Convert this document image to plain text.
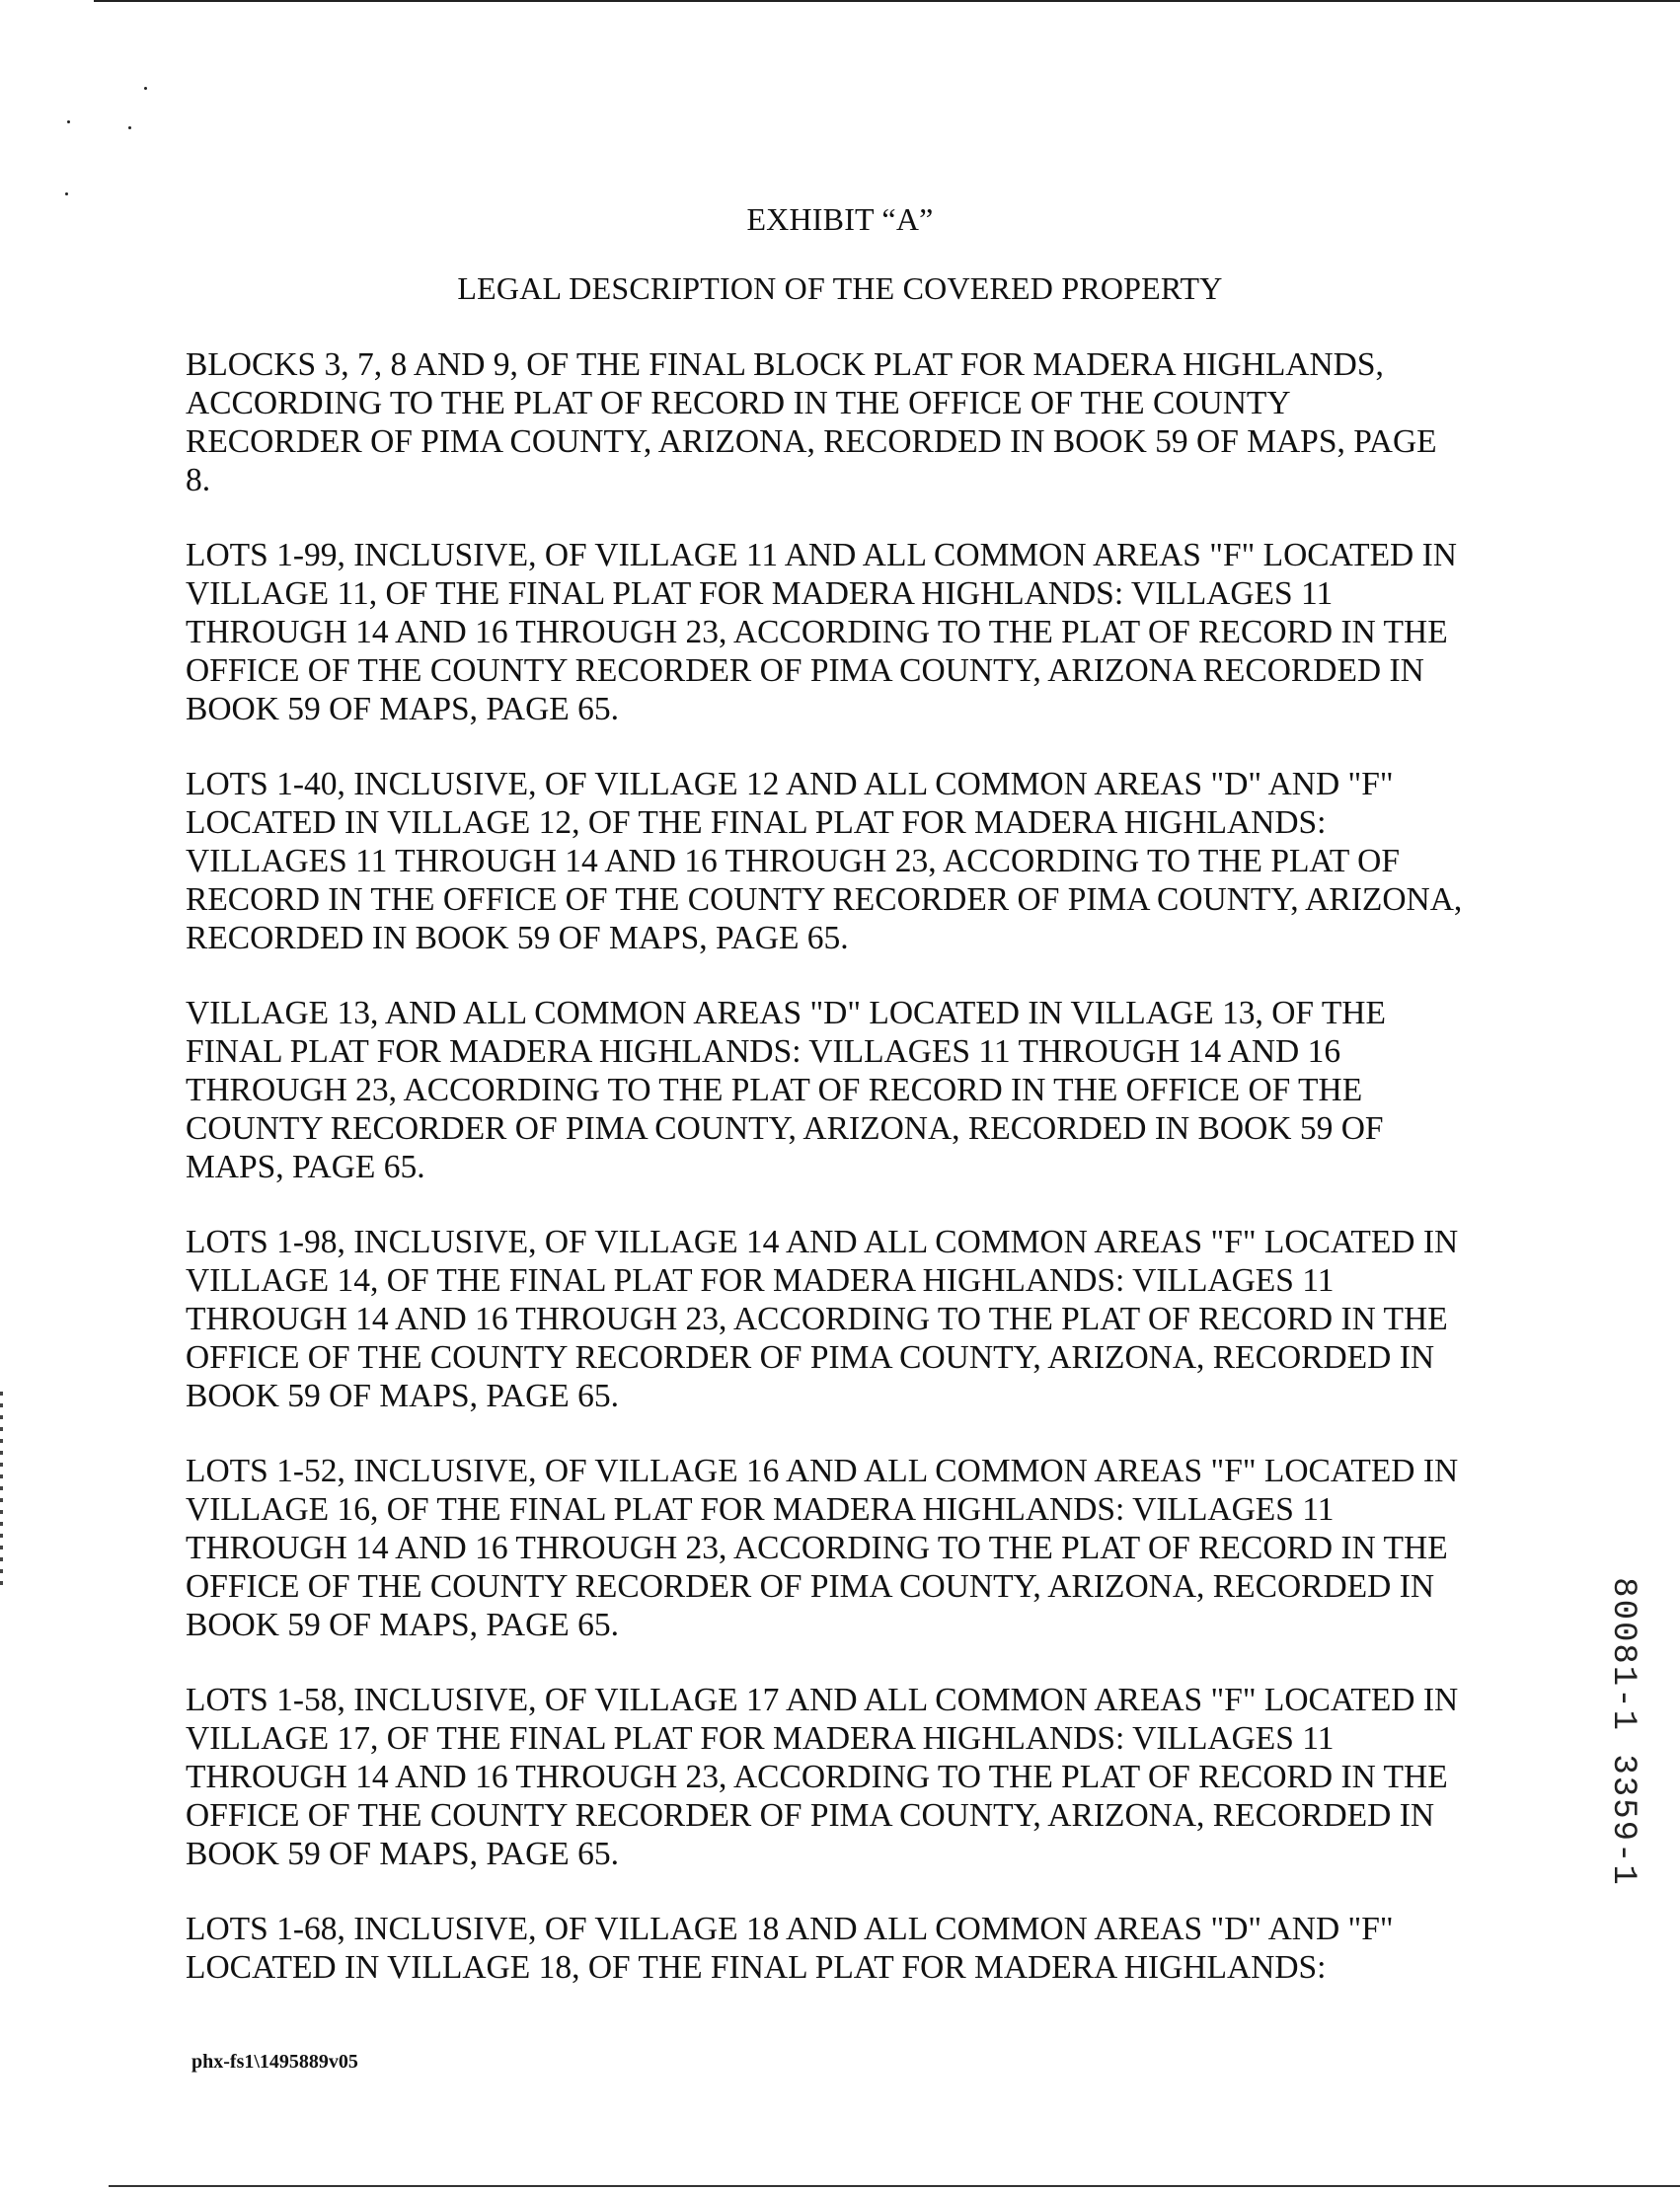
EXHIBIT “A”
LEGAL DESCRIPTION OF THE COVERED PROPERTY

BLOCKS 3, 7, 8 AND 9, OF THE FINAL BLOCK PLAT FOR MADERA HIGHLANDS,
ACCORDING TO THE PLAT OF RECORD IN THE OFFICE OF THE COUNTY
RECORDER OF PIMA COUNTY, ARIZONA, RECORDED IN BOOK 59 OF MAPS, PAGE
8.

LOTS 1-99, INCLUSIVE, OF VILLAGE 11 AND ALL COMMON AREAS "F" LOCATED IN
VILLAGE 11, OF THE FINAL PLAT FOR MADERA HIGHLANDS: VILLAGES 11
THROUGH 14 AND 16 THROUGH 23, ACCORDING TO THE PLAT OF RECORD IN THE
OFFICE OF THE COUNTY RECORDER OF PIMA COUNTY, ARIZONA RECORDED IN
BOOK 59 OF MAPS, PAGE 65.

LOTS 1-40, INCLUSIVE, OF VILLAGE 12 AND ALL COMMON AREAS "D" AND "F"
LOCATED IN VILLAGE 12, OF THE FINAL PLAT FOR MADERA HIGHLANDS:
VILLAGES 11 THROUGH 14 AND 16 THROUGH 23, ACCORDING TO THE PLAT OF
RECORD IN THE OFFICE OF THE COUNTY RECORDER OF PIMA COUNTY, ARIZONA,
RECORDED IN BOOK 59 OF MAPS, PAGE 65.

VILLAGE 13, AND ALL COMMON AREAS "D" LOCATED IN VILLAGE 13, OF THE
FINAL PLAT FOR MADERA HIGHLANDS: VILLAGES 11 THROUGH 14 AND 16
THROUGH 23, ACCORDING TO THE PLAT OF RECORD IN THE OFFICE OF THE
COUNTY RECORDER OF PIMA COUNTY, ARIZONA, RECORDED IN BOOK 59 OF
MAPS, PAGE 65.

LOTS 1-98, INCLUSIVE, OF VILLAGE 14 AND ALL COMMON AREAS "F" LOCATED IN
VILLAGE 14, OF THE FINAL PLAT FOR MADERA HIGHLANDS: VILLAGES 11
THROUGH 14 AND 16 THROUGH 23, ACCORDING TO THE PLAT OF RECORD IN THE
OFFICE OF THE COUNTY RECORDER OF PIMA COUNTY, ARIZONA, RECORDED IN
BOOK 59 OF MAPS, PAGE 65.

LOTS 1-52, INCLUSIVE, OF VILLAGE 16 AND ALL COMMON AREAS "F" LOCATED IN
VILLAGE 16, OF THE FINAL PLAT FOR MADERA HIGHLANDS: VILLAGES 11
THROUGH 14 AND 16 THROUGH 23, ACCORDING TO THE PLAT OF RECORD IN THE
OFFICE OF THE COUNTY RECORDER OF PIMA COUNTY, ARIZONA, RECORDED IN
BOOK 59 OF MAPS, PAGE 65.

LOTS 1-58, INCLUSIVE, OF VILLAGE 17 AND ALL COMMON AREAS "F" LOCATED IN
VILLAGE 17, OF THE FINAL PLAT FOR MADERA HIGHLANDS: VILLAGES 11
THROUGH 14 AND 16 THROUGH 23, ACCORDING TO THE PLAT OF RECORD IN THE
OFFICE OF THE COUNTY RECORDER OF PIMA COUNTY, ARIZONA, RECORDED IN
BOOK 59 OF MAPS, PAGE 65.

LOTS 1-68, INCLUSIVE, OF VILLAGE 18 AND ALL COMMON AREAS "D" AND "F"
LOCATED IN VILLAGE 18, OF THE FINAL PLAT FOR MADERA HIGHLANDS:

phx-fs1\1495889v05
80081-1 3359-1
